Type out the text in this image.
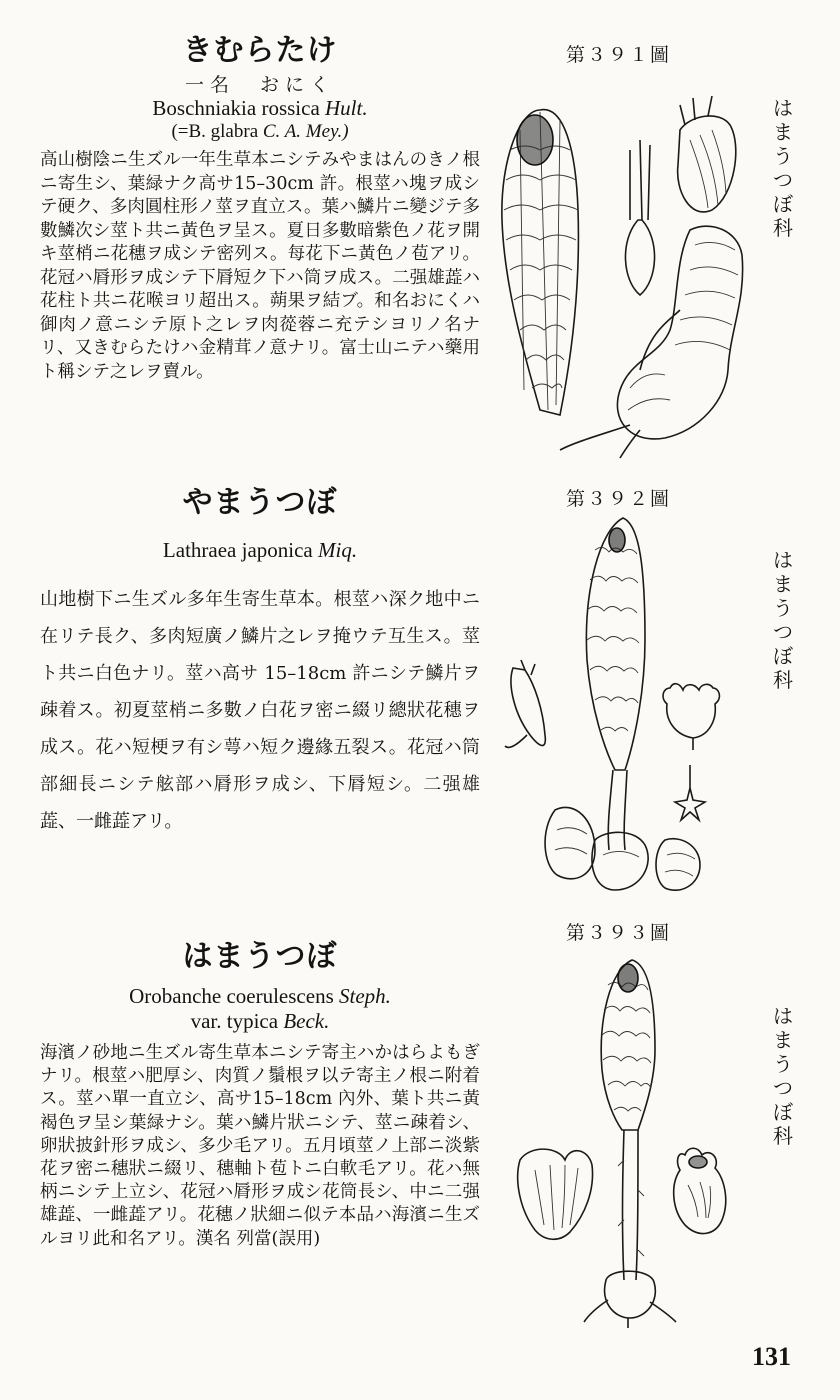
きむらたけ
一名　おにく
Boschniakia rossica Hult.
(=B. glabra C. A. Mey.)
高山樹陰ニ生ズル一年生草本ニシテみやまはんのきノ根ニ寄生シ、葉緑ナク高サ15–30cm 許。根莖ハ塊ヲ成シテ硬ク、多肉圓柱形ノ莖ヲ直立ス。葉ハ鱗片ニ變ジテ多數鱗次シ莖ト共ニ黃色ヲ呈ス。夏日多數暗紫色ノ花ヲ開キ莖梢ニ花穗ヲ成シテ密列ス。每花下ニ黃色ノ苞アリ。花冠ハ脣形ヲ成シテ下脣短ク下ハ筒ヲ成ス。二强雄蕋ハ花柱ト共ニ花喉ヨリ超出ス。蒴果ヲ結ブ。和名おにくハ御肉ノ意ニシテ原ト之レヲ肉蓯蓉ニ充テシヨリノ名ナリ、又きむらたけハ金精茸ノ意ナリ。富士山ニテハ藥用ト稱シテ之レヲ賣ル。
第３９１圖
は
ま
う
つ
ぼ
科
やまうつぼ
Lathraea japonica Miq.
山地樹下ニ生ズル多年生寄生草本。根莖ハ深ク地中ニ在リテ長ク、多肉短廣ノ鱗片之レヲ掩ウテ互生ス。莖ト共ニ白色ナリ。莖ハ高サ 15–18cm 許ニシテ鱗片ヲ疎着ス。初夏莖梢ニ多數ノ白花ヲ密ニ綴リ總狀花穗ヲ成ス。花ハ短梗ヲ有シ萼ハ短ク邊緣五裂ス。花冠ハ筒部細長ニシテ舷部ハ脣形ヲ成シ、下脣短シ。二强雄蕋、一雌蕋アリ。
第３９２圖
は
ま
う
つ
ぼ
科
はまうつぼ
Orobanche coerulescens Steph.
var. typica Beck.
海濱ノ砂地ニ生ズル寄生草本ニシテ寄主ハかはらよもぎナリ。根莖ハ肥厚シ、肉質ノ鬚根ヲ以テ寄主ノ根ニ附着ス。莖ハ單一直立シ、高サ15–18cm 內外、葉ト共ニ黃褐色ヲ呈シ葉緑ナシ。葉ハ鱗片狀ニシテ、莖ニ疎着シ、卵狀披針形ヲ成シ、多少毛アリ。五月頃莖ノ上部ニ淡紫花ヲ密ニ穗狀ニ綴リ、穗軸ト苞トニ白軟毛アリ。花ハ無柄ニシテ上立シ、花冠ハ脣形ヲ成シ花筒長シ、中ニ二强雄蕋、一雌蕋アリ。花穗ノ狀細ニ似テ本品ハ海濱ニ生ズルヨリ此和名アリ。漢名 列當(誤用)
第３９３圖
は
ま
う
つ
ぼ
科
131
